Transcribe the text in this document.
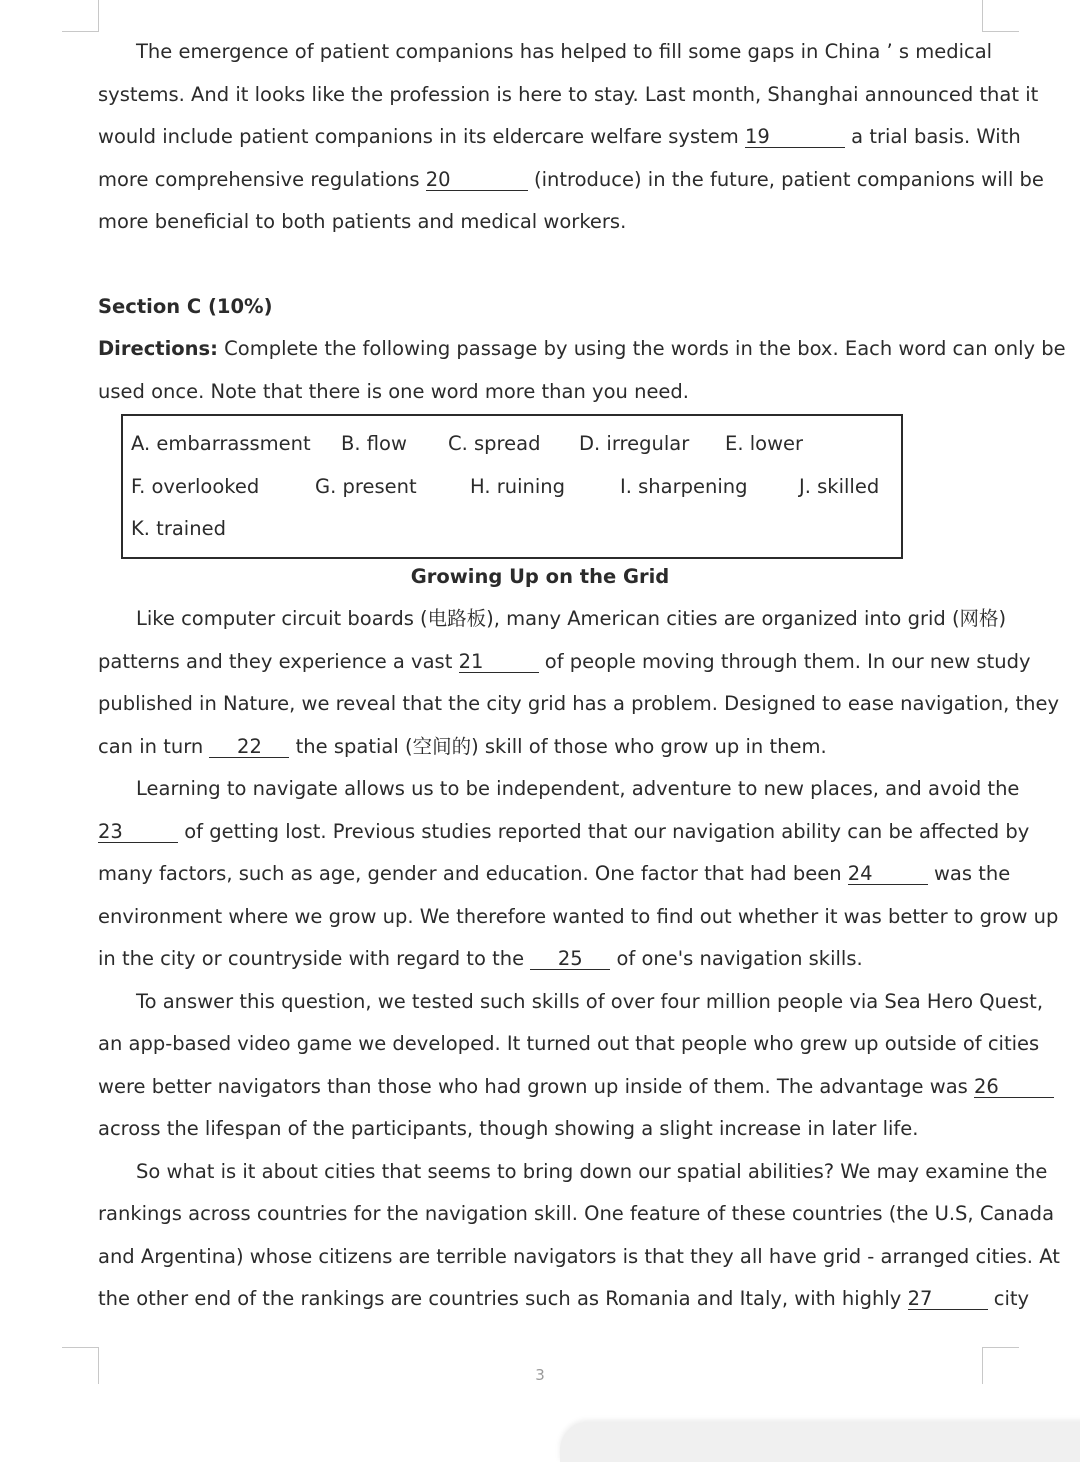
The emergence of patient companions has helped to fill some gaps in China ’ s medical
systems. And it looks like the profession is here to stay. Last month, Shanghai announced that it
would include patient companions in its eldercare welfare system 19	a trial basis. With
more comprehensive regulations 20	(introduce) in the future, patient companions will be
more beneficial to both patients and medical workers.
Section C (10%)
Directions: Complete the following passage by using the words in the box. Each word can only be
used once. Note that there is one word more than you need.
A. embarrassment B. flow C. spread D. irregular E. lower
F. overlooked	G. present	H. ruining	I. sharpening	J. skilled
K. trained
Growing Up on the Grid
Like computer circuit boards (电路板), many American cities are organized into grid (网格)
patterns and they experience a vast 21	of people moving through them. In our new study
published in Nature, we reveal that the city grid has a problem. Designed to ease navigation, they
can in turn 22 the spatial (空间的) skill of those who grow up in them.
Learning to navigate allows us to be independent, adventure to new places, and avoid the
23	of getting lost. Previous studies reported that our navigation ability can be affected by
many factors, such as age, gender and education. One factor that had been 24	was the
environment where we grow up. We therefore wanted to find out whether it was better to grow up
in the city or countryside with regard to the 25 of one's navigation skills.
To answer this question, we tested such skills of over four million people via Sea Hero Quest,
an app-based video game we developed. It turned out that people who grew up outside of cities
were better navigators than those who had grown up inside of them. The advantage was 26
across the lifespan of the participants, though showing a slight increase in later life.
So what is it about cities that seems to bring down our spatial abilities? We may examine the
rankings across countries for the navigation skill. One feature of these countries (the U.S, Canada
and Argentina) whose citizens are terrible navigators is that they all have grid - arranged cities. At
the other end of the rankings are countries such as Romania and Italy, with highly 27	city
3
